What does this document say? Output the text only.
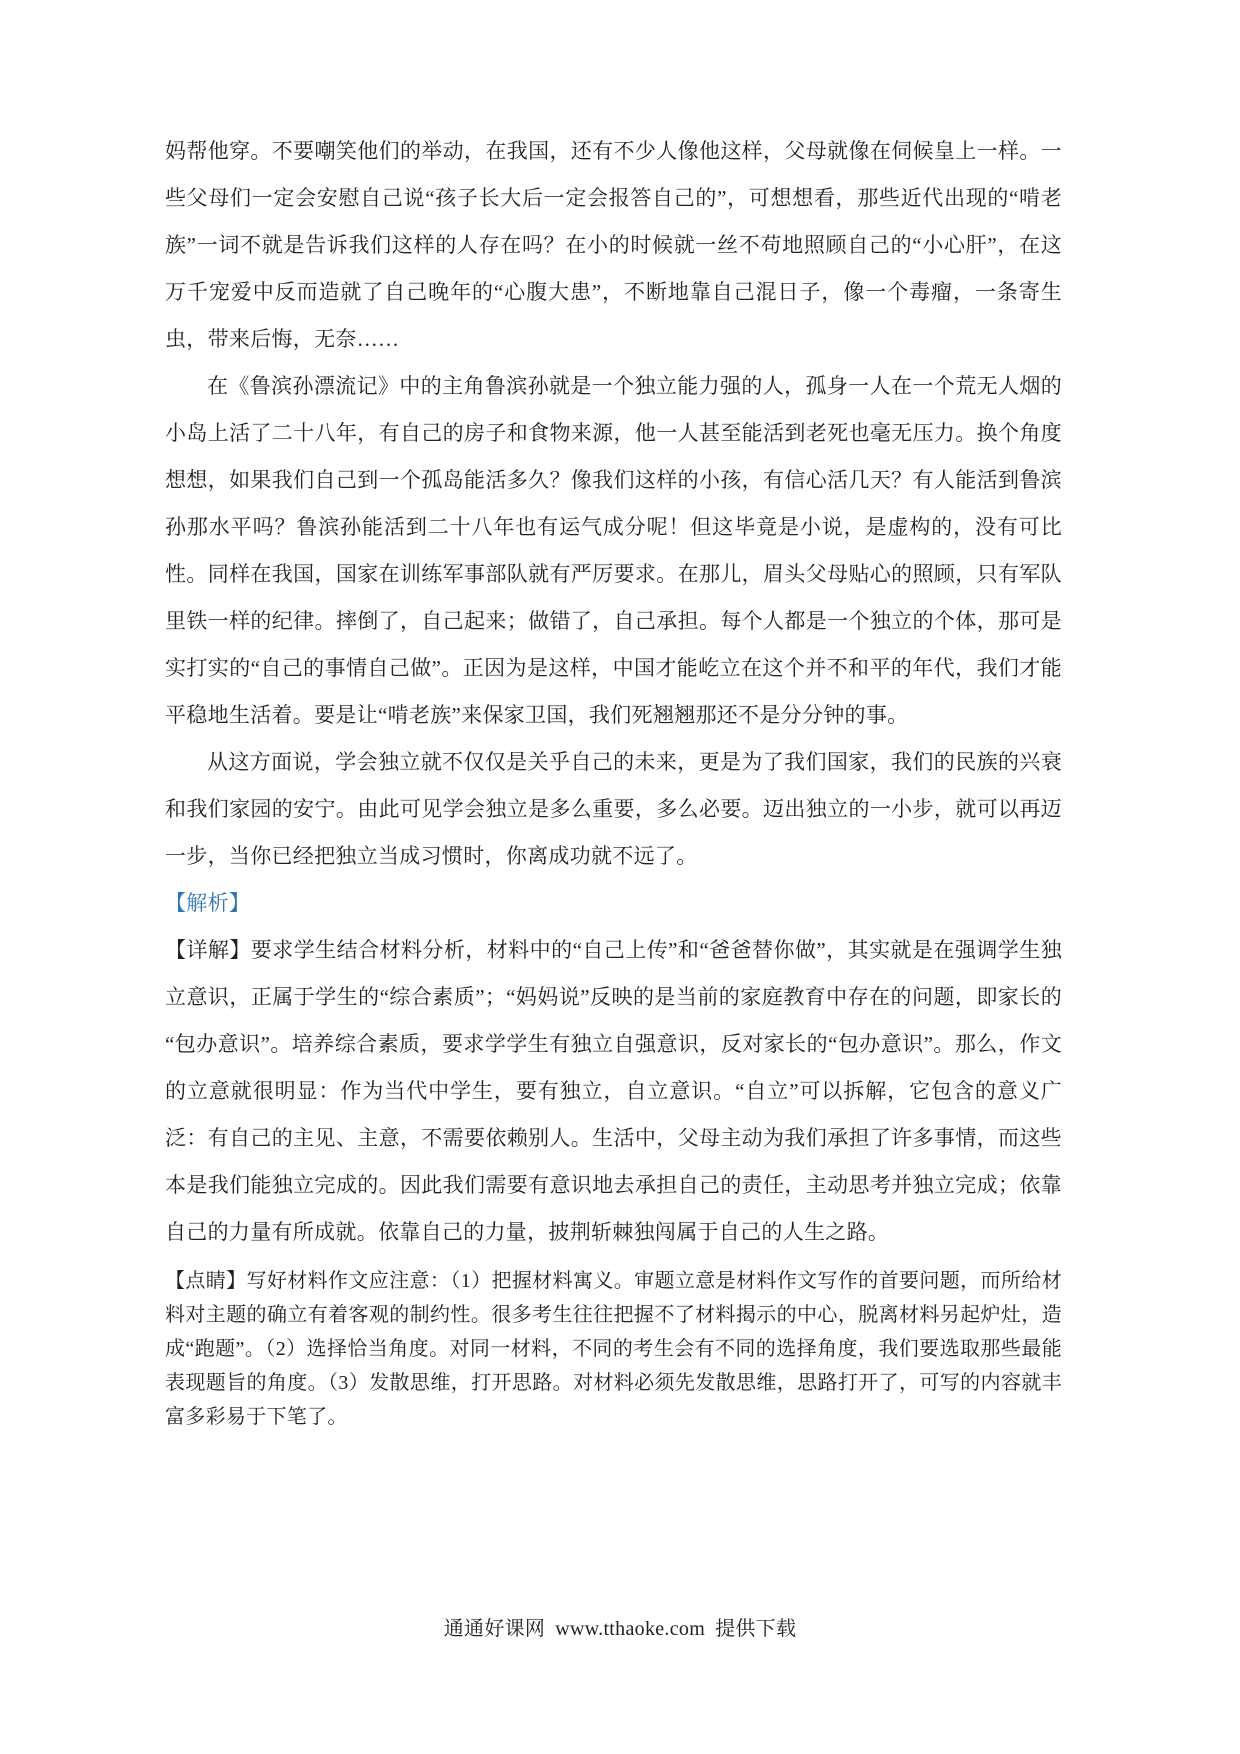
妈帮他穿。不要嘲笑他们的举动，在我国，还有不少人像他这样，父母就像在伺候皇上一样。一些父母们一定会安慰自己说“孩子长大后一定会报答自己的”，可想想看，那些近代出现的“啃老族”一词不就是告诉我们这样的人存在吗？在小的时候就一丝不苟地照顾自己的“小心肝”，在这万千宠爱中反而造就了自己晚年的“心腹大患”，不断地靠自己混日子，像一个毒瘤，一条寄生虫，带来后悔，无奈……

在《鲁滨孙漂流记》中的主角鲁滨孙就是一个独立能力强的人，孤身一人在一个荒无人烟的小岛上活了二十八年，有自己的房子和食物来源，他一人甚至能活到老死也毫无压力。换个角度想想，如果我们自己到一个孤岛能活多久？像我们这样的小孩，有信心活几天？有人能活到鲁滨孙那水平吗？鲁滨孙能活到二十八年也有运气成分呢！但这毕竟是小说，是虚构的，没有可比性。同样在我国，国家在训练军事部队就有严厉要求。在那儿，眉头父母贴心的照顾，只有军队里铁一样的纪律。摔倒了，自己起来；做错了，自己承担。每个人都是一个独立的个体，那可是实打实的“自己的事情自己做”。正因为是这样，中国才能屹立在这个并不和平的年代，我们才能平稳地生活着。要是让“啃老族”来保家卫国，我们死翘翘那还不是分分钟的事。

从这方面说，学会独立就不仅仅是关乎自己的未来，更是为了我们国家，我们的民族的兴衰和我们家园的安宁。由此可见学会独立是多么重要，多么必要。迈出独立的一小步，就可以再迈一步，当你已经把独立当成习惯时，你离成功就不远了。

【解析】

【详解】要求学生结合材料分析，材料中的“自己上传”和“爸爸替你做”，其实就是在强调学生独立意识，正属于学生的“综合素质”；“妈妈说”反映的是当前的家庭教育中存在的问题，即家长的“包办意识”。培养综合素质，要求学学生有独立自强意识，反对家长的“包办意识”。那么，作文的立意就很明显：作为当代中学生，要有独立，自立意识。“自立”可以拆解，它包含的意义广泛：有自己的主见、主意，不需要依赖别人。生活中，父母主动为我们承担了许多事情，而这些本是我们能独立完成的。因此我们需要有意识地去承担自己的责任，主动思考并独立完成；依靠自己的力量有所成就。依靠自己的力量，披荆斩棘独闯属于自己的人生之路。

【点睛】写好材料作文应注意：（1）把握材料寓义。审题立意是材料作文写作的首要问题，而所给材料对主题的确立有着客观的制约性。很多考生往往把握不了材料揭示的中心，脱离材料另起炉灶，造成“跑题”。（2）选择恰当角度。对同一材料，不同的考生会有不同的选择角度，我们要选取那些最能表现题旨的角度。（3）发散思维，打开思路。对材料必须先发散思维，思路打开了，可写的内容就丰富多彩易于下笔了。

通通好课网 www.tthaoke.com 提供下载
